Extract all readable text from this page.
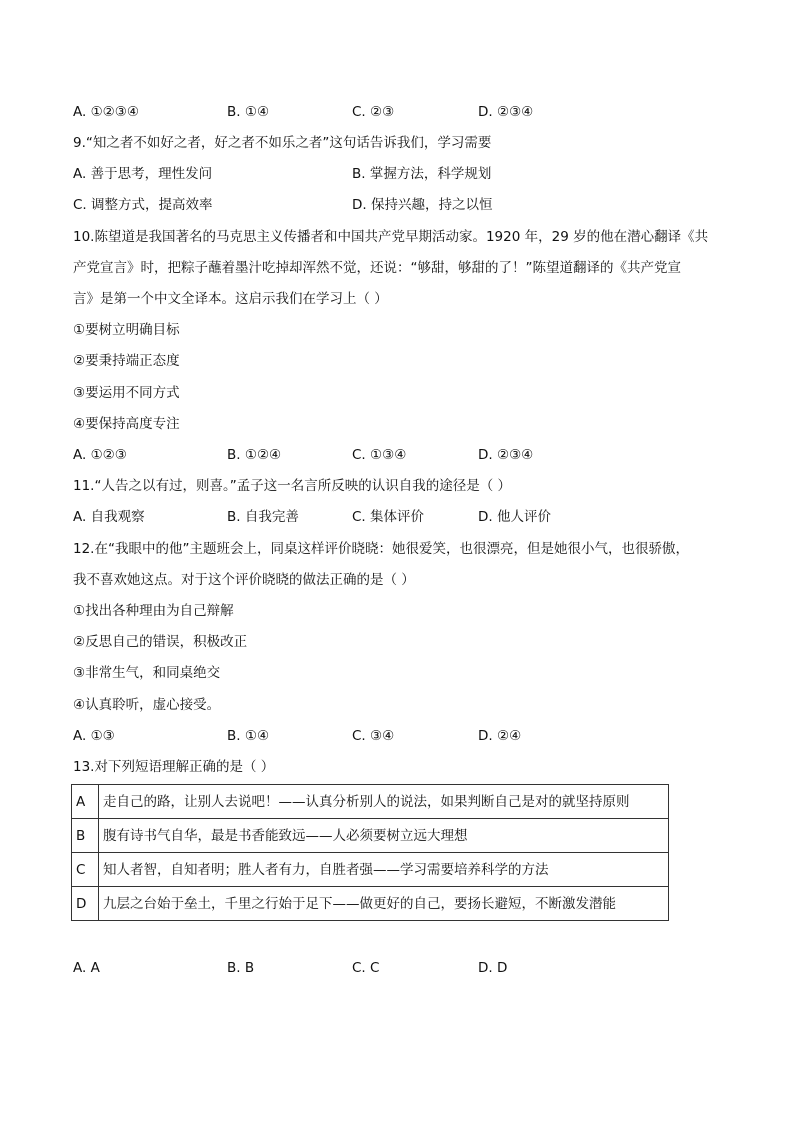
A. ①②③④	B. ①④	C. ②③	D. ②③④
9.“知之者不如好之者，好之者不如乐之者”这句话告诉我们，学习需要
A. 善于思考，理性发问	B. 掌握方法，科学规划
C. 调整方式，提高效率	D. 保持兴趣，持之以恒
10.陈望道是我国著名的马克思主义传播者和中国共产党早期活动家。1920 年，29 岁的他在潜心翻译《共
产党宣言》时，把粽子蘸着墨汁吃掉却浑然不觉，还说：“够甜，够甜的了！”陈望道翻译的《共产党宣
言》是第一个中文全译本。这启示我们在学习上（ ）
①要树立明确目标
②要秉持端正态度
③要运用不同方式
④要保持高度专注
A. ①②③	B. ①②④	C. ①③④	D. ②③④
11.“人告之以有过，则喜。”孟子这一名言所反映的认识自我的途径是（ ）
A. 自我观察	B. 自我完善	C. 集体评价	D. 他人评价
12.在“我眼中的他”主题班会上，同桌这样评价晓晓：她很爱笑，也很漂亮，但是她很小气，也很骄傲，
我不喜欢她这点。对于这个评价晓晓的做法正确的是（ ）
①找出各种理由为自己辩解
②反思自己的错误，积极改正
③非常生气，和同桌绝交
④认真聆听，虚心接受。
A. ①③	B. ①④	C. ③④	D. ②④
13.对下列短语理解正确的是（ ）
A	走自己的路，让别人去说吧！——认真分析别人的说法，如果判断自己是对的就坚持原则
B	腹有诗书气自华，最是书香能致远——人必须要树立远大理想
C	知人者智，自知者明；胜人者有力，自胜者强——学习需要培养科学的方法
D	九层之台始于垒土，千里之行始于足下——做更好的自己，要扬长避短，不断激发潜能
A. A	B. B	C. C	D. D
